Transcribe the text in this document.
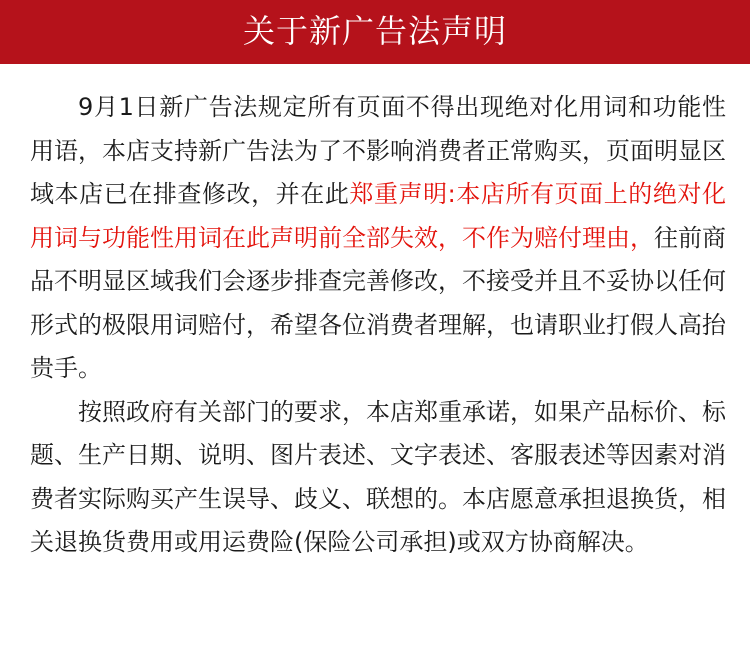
关于新广告法声明

9月1日新广告法规定所有页面不得出现绝对化用词和功能性用语，本店支持新广告法为了不影响消费者正常购买，页面明显区域本店已在排查修改，并在此郑重声明:本店所有页面上的绝对化用词与功能性用词在此声明前全部失效，不作为赔付理由，往前商品不明显区域我们会逐步排查完善修改，不接受并且不妥协以任何形式的极限用词赔付，希望各位消费者理解，也请职业打假人高抬贵手。

按照政府有关部门的要求，本店郑重承诺，如果产品标价、标题、生产日期、说明、图片表述、文字表述、客服表述等因素对消费者实际购买产生误导、歧义、联想的。本店愿意承担退换货，相关退换货费用或用运费险(保险公司承担)或双方协商解决。
